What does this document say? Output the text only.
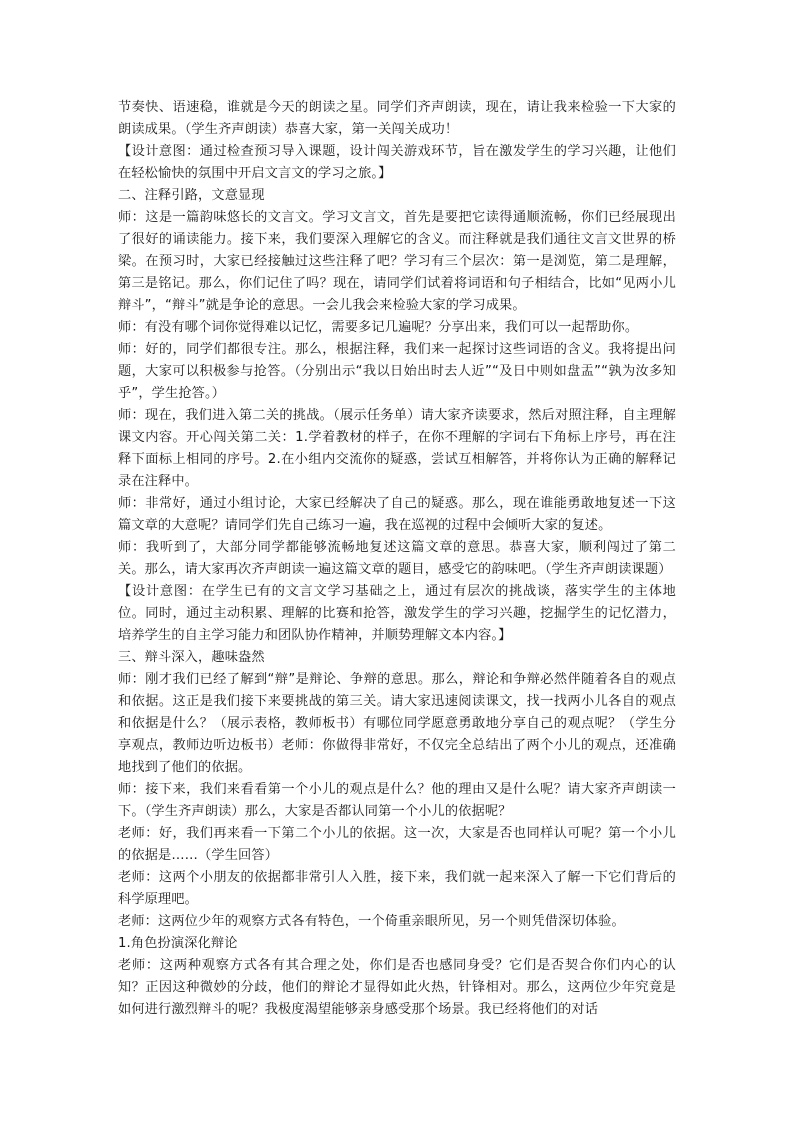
节奏快、语速稳，谁就是今天的朗读之星。同学们齐声朗读，现在，请让我来检验一下大家的朗读成果。（学生齐声朗读）恭喜大家，第一关闯关成功！

【设计意图：通过检查预习导入课题，设计闯关游戏环节，旨在激发学生的学习兴趣，让他们在轻松愉快的氛围中开启文言文的学习之旅。】

二、注释引路，文意显现

师：这是一篇韵味悠长的文言文。学习文言文，首先是要把它读得通顺流畅，你们已经展现出了很好的诵读能力。接下来，我们要深入理解它的含义。而注释就是我们通往文言文世界的桥梁。在预习时，大家已经接触过这些注释了吧？学习有三个层次：第一是浏览，第二是理解，第三是铭记。那么，你们记住了吗？现在，请同学们试着将词语和句子相结合，比如“见两小儿辩斗”，“辩斗”就是争论的意思。一会儿我会来检验大家的学习成果。

师：有没有哪个词你觉得难以记忆，需要多记几遍呢？分享出来，我们可以一起帮助你。

师：好的，同学们都很专注。那么，根据注释，我们来一起探讨这些词语的含义。我将提出问题，大家可以积极参与抢答。（分别出示“我以日始出时去人近”“及日中则如盘盂”“孰为汝多知乎”，学生抢答。）

师：现在，我们进入第二关的挑战。（展示任务单）请大家齐读要求，然后对照注释，自主理解课文内容。开心闯关第二关：1.学着教材的样子，在你不理解的字词右下角标上序号，再在注释下面标上相同的序号。2.在小组内交流你的疑惑，尝试互相解答，并将你认为正确的解释记录在注释中。

师：非常好，通过小组讨论，大家已经解决了自己的疑惑。那么，现在谁能勇敢地复述一下这篇文章的大意呢？请同学们先自己练习一遍，我在巡视的过程中会倾听大家的复述。

师：我听到了，大部分同学都能够流畅地复述这篇文章的意思。恭喜大家，顺利闯过了第二关。那么，请大家再次齐声朗读一遍这篇文章的题目，感受它的韵味吧。（学生齐声朗读课题）

【设计意图：在学生已有的文言文学习基础之上，通过有层次的挑战谈，落实学生的主体地位。同时，通过主动积累、理解的比赛和抢答，激发学生的学习兴趣，挖掘学生的记忆潜力，培养学生的自主学习能力和团队协作精神，并顺势理解文本内容。】

三、辩斗深入，趣味盎然

师：刚才我们已经了解到“辩”是辩论、争辩的意思。那么，辩论和争辩必然伴随着各自的观点和依据。这正是我们接下来要挑战的第三关。请大家迅速阅读课文，找一找两小儿各自的观点和依据是什么？（展示表格，教师板书）有哪位同学愿意勇敢地分享自己的观点呢？（学生分享观点，教师边听边板书）老师：你做得非常好，不仅完全总结出了两个小儿的观点，还准确地找到了他们的依据。

师：接下来，我们来看看第一个小儿的观点是什么？他的理由又是什么呢？请大家齐声朗读一下。（学生齐声朗读）那么，大家是否都认同第一个小儿的依据呢？

老师：好，我们再来看一下第二个小儿的依据。这一次，大家是否也同样认可呢？第一个小儿的依据是……（学生回答）

老师：这两个小朋友的依据都非常引人入胜，接下来，我们就一起来深入了解一下它们背后的科学原理吧。

老师：这两位少年的观察方式各有特色，一个倚重亲眼所见，另一个则凭借深切体验。

1.角色扮演深化辩论

老师：这两种观察方式各有其合理之处，你们是否也感同身受？它们是否契合你们内心的认知？正因这种微妙的分歧，他们的辩论才显得如此火热，针锋相对。那么，这两位少年究竟是如何进行激烈辩斗的呢？我极度渴望能够亲身感受那个场景。我已经将他们的对话
